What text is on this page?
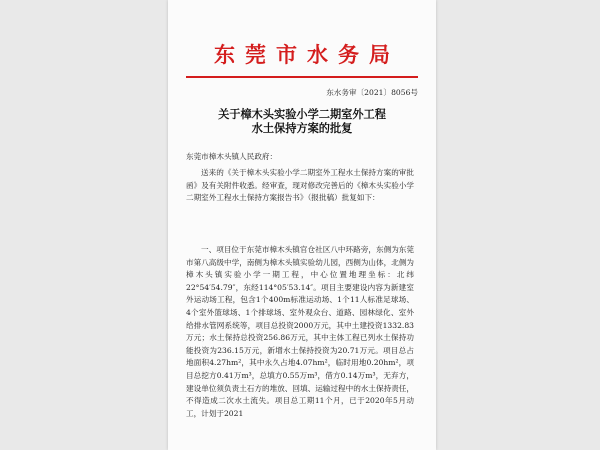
东莞市水务局
东水务审〔2021〕8056号
关于樟木头实验小学二期室外工程
水土保持方案的批复
东莞市樟木头镇人民政府：

送来的《关于樟木头实验小学二期室外工程水土保持方案的审批函》及有关附件收悉。经审查，现对修改完善后的《樟木头实验小学二期室外工程水土保持方案报告书》（报批稿）批复如下：

一、项目位于东莞市樟木头镇官仓社区八中环路旁，东侧为东莞市第八高级中学，南侧为樟木头镇实验幼儿园，西侧为山体，北侧为樟木头镇实验小学一期工程，中心位置地理坐标：北纬22°54′54.79″，东经114°05′53.14″。项目主要建设内容为新建室外运动场工程，包含1个400m标准运动场、1个11人标准足球场、4个室外篮球场、1个排球场、室外观众台、道路、园林绿化、室外给排水管网系统等，项目总投资2000万元，其中土建投资1332.83万元；水土保持总投资256.86万元，其中主体工程已列水土保持功能投资为236.15万元，新增水土保持投资为20.71万元。项目总占地面积4.27hm²，其中永久占地4.07hm²，临时用地0.20hm²，项目总挖方0.41万m³，总填方0.55万m³，借方0.14万m³，无弃方，建设单位须负责土石方的堆放、回填、运输过程中的水土保持责任，不得造成二次水土流失。项目总工期11个月，已于2020年5月动工，计划于2021
